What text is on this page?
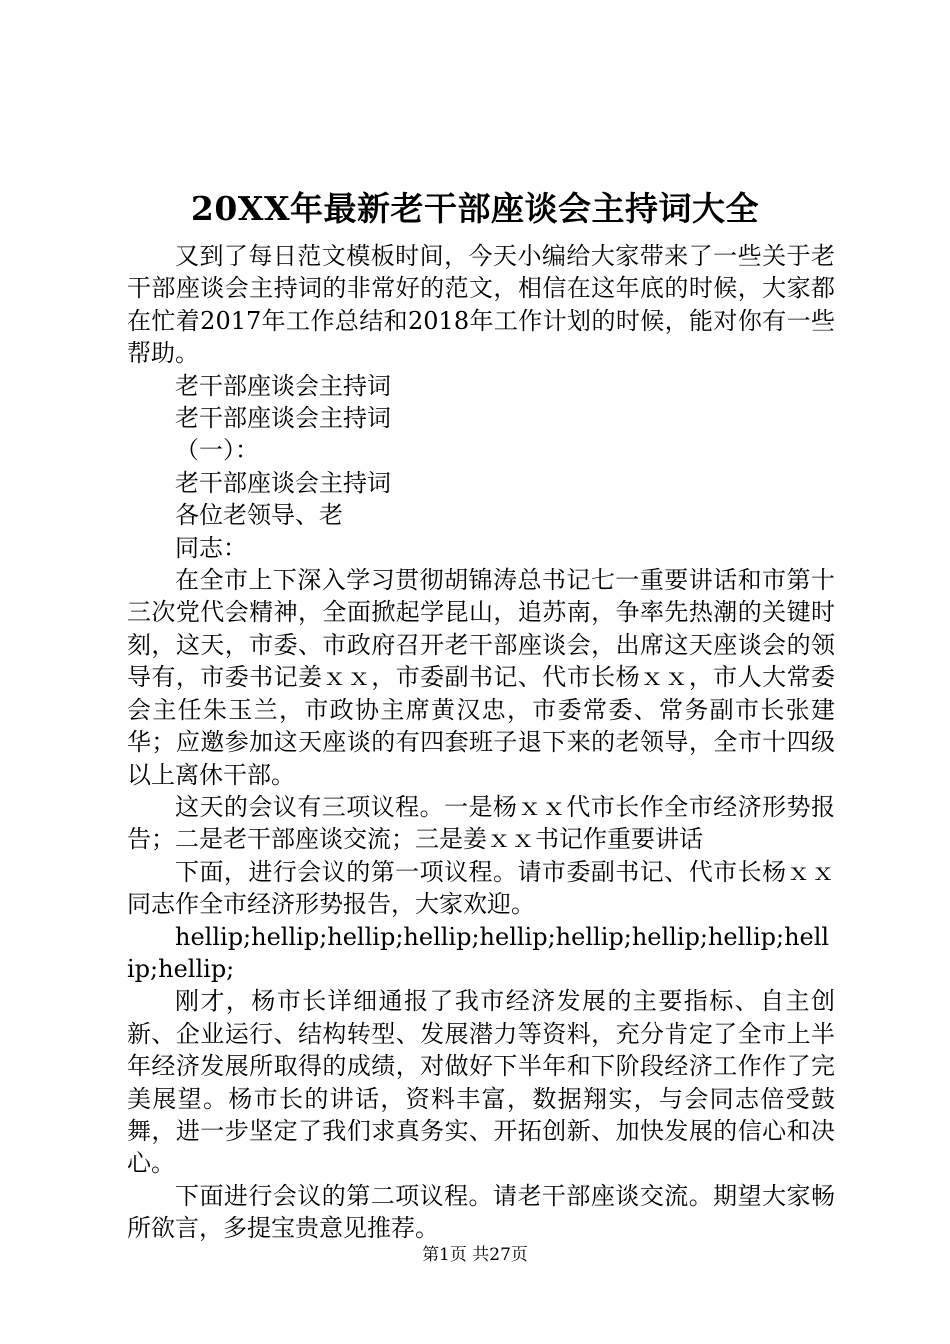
20XX年最新老干部座谈会主持词大全

又到了每日范文模板时间，今天小编给大家带来了一些关于老干部座谈会主持词的非常好的范文，相信在这年底的时候，大家都在忙着2017年工作总结和2018年工作计划的时候，能对你有一些帮助。

老干部座谈会主持词

老干部座谈会主持词

（一）：

老干部座谈会主持词

各位老领导、老

同志：

在全市上下深入学习贯彻胡锦涛总书记七一重要讲话和市第十三次党代会精神，全面掀起学昆山，追苏南，争率先热潮的关键时刻，这天，市委、市政府召开老干部座谈会，出席这天座谈会的领导有，市委书记姜ｘｘ，市委副书记、代市长杨ｘｘ，市人大常委会主任朱玉兰，市政协主席黄汉忠，市委常委、常务副市长张建华；应邀参加这天座谈的有四套班子退下来的老领导，全市十四级以上离休干部。

这天的会议有三项议程。一是杨ｘｘ代市长作全市经济形势报告；二是老干部座谈交流；三是姜ｘｘ书记作重要讲话

下面，进行会议的第一项议程。请市委副书记、代市长杨ｘｘ同志作全市经济形势报告，大家欢迎。

hellip;hellip;hellip;hellip;hellip;hellip;hellip;hellip;hellip;hellip;

刚才，杨市长详细通报了我市经济发展的主要指标、自主创新、企业运行、结构转型、发展潜力等资料，充分肯定了全市上半年经济发展所取得的成绩，对做好下半年和下阶段经济工作作了完美展望。杨市长的讲话，资料丰富，数据翔实，与会同志倍受鼓舞，进一步坚定了我们求真务实、开拓创新、加快发展的信心和决心。

下面进行会议的第二项议程。请老干部座谈交流。期望大家畅所欲言，多提宝贵意见推荐。

第1页 共27页
